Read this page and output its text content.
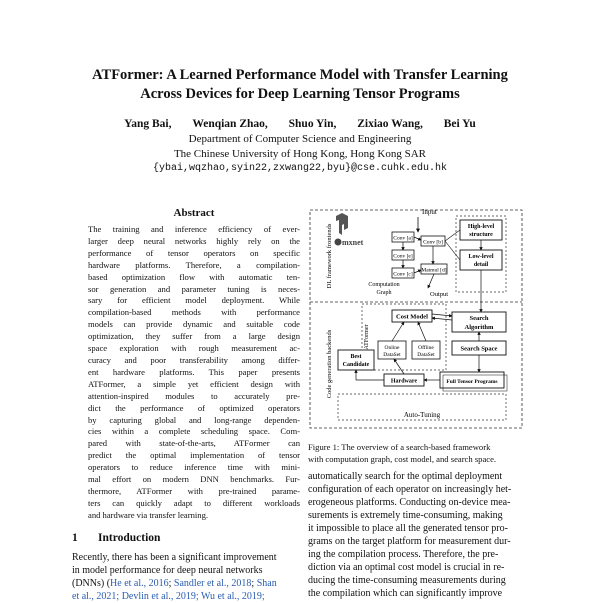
ATFormer: A Learned Performance Model with Transfer Learning
Across Devices for Deep Learning Tensor Programs
Yang Bai, Wenqian Zhao, Shuo Yin, Zixiao Wang, Bei Yu
Department of Computer Science and Engineering
The Chinese University of Hong Kong, Hong Kong SAR
{ybai,wqzhao,syin22,zxwang22,byu}@cse.cuhk.edu.hk
Abstract
The training and inference efficiency of ever-
larger deep neural networks highly rely on the
performance of tensor operators on specific
hardware platforms. Therefore, a compilation-
based optimization flow with automatic ten-
sor generation and parameter tuning is neces-
sary for efficient model deployment. While
compilation-based methods with performance
models can provide dynamic and suitable code
optimization, they suffer from a large design
space exploration with rough measurement ac-
curacy and poor transferability among differ-
ent hardware platforms. This paper presents
ATFormer, a simple yet efficient design with
attention-inspired modules to accurately pre-
dict the performance of optimized operators
by capturing global and long-range dependen-
cies within a complete scheduling space. Com-
pared with state-of-the-arts, ATFormer can
predict the optimal implementation of tensor
operators to reduce inference time with mini-
mal effort on modern DNN benchmarks. Fur-
thermore, ATFormer with pre-trained parame-
ters can quickly adapt to different workloads
and hardware via transfer learning.
1 Introduction
Recently, there has been a significant improvement
in model performance for deep neural networks
(DNNs) (He et al., 2016; Sandler et al., 2018; Shan
et al., 2021; Devlin et al., 2019; Wu et al., 2019;
DL framework frontends
Code generation backends
mxnet
Input
Conv [a]
Conv [b]
Conv [e]
Conv [c]
Matmul [d]
Output
Computation
Graph
High-level
structure
Low-level
detail
ATFormer
Cost Model
Online
DataSet
Offline
DataSet
Search
Algorithm
Search Space
Best
Candidate
Hardware	Full Tensor Programs
Auto-Tuning
Figure 1: The overview of a search-based framework
with computation graph, cost model, and search space.
automatically search for the optimal deployment
configuration of each operator on increasingly het-
erogeneous platforms. Conducting on-device mea-
surements is extremely time-consuming, making
it impossible to place all the generated tensor pro-
grams on the target platform for measurement dur-
ing the compilation process. Therefore, the pre-
diction via an optimal cost model is crucial in re-
ducing the time-consuming measurements during
the compilation which can significantly improve
